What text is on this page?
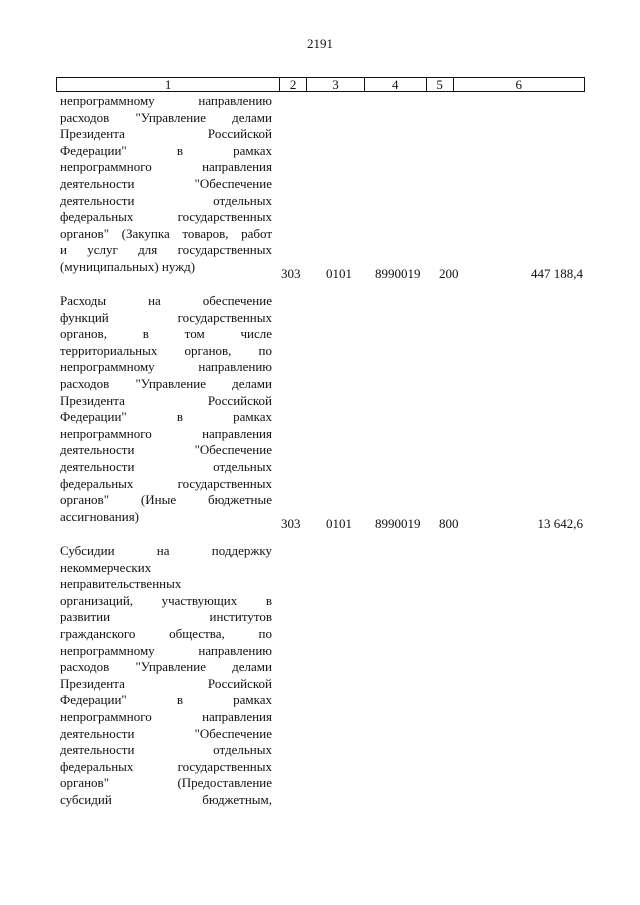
2191
1	2	3	4	5	6
непрограммному направлению
расходов "Управление делами
Президента Российской
Федерации" в рамках
непрограммного направления
деятельности "Обеспечение
деятельности отдельных
федеральных государственных
органов" (Закупка товаров, работ
и услуг для государственных
(муниципальных) нужд)	303 0101 8990019 200	447 188,4
Расходы на обеспечение
функций государственных
органов, в том числе
территориальных органов, по
непрограммному направлению
расходов "Управление делами
Президента Российской
Федерации" в рамках
непрограммного направления
деятельности "Обеспечение
деятельности отдельных
федеральных государственных
органов" (Иные бюджетные
ассигнования)	303 0101 8990019 800	13 642,6
Субсидии на поддержку
некоммерческих
неправительственных
организаций, участвующих в
развитии институтов
гражданского общества, по
непрограммному направлению
расходов "Управление делами
Президента Российской
Федерации" в рамках
непрограммного направления
деятельности "Обеспечение
деятельности отдельных
федеральных государственных
органов" (Предоставление
субсидий бюджетным,
